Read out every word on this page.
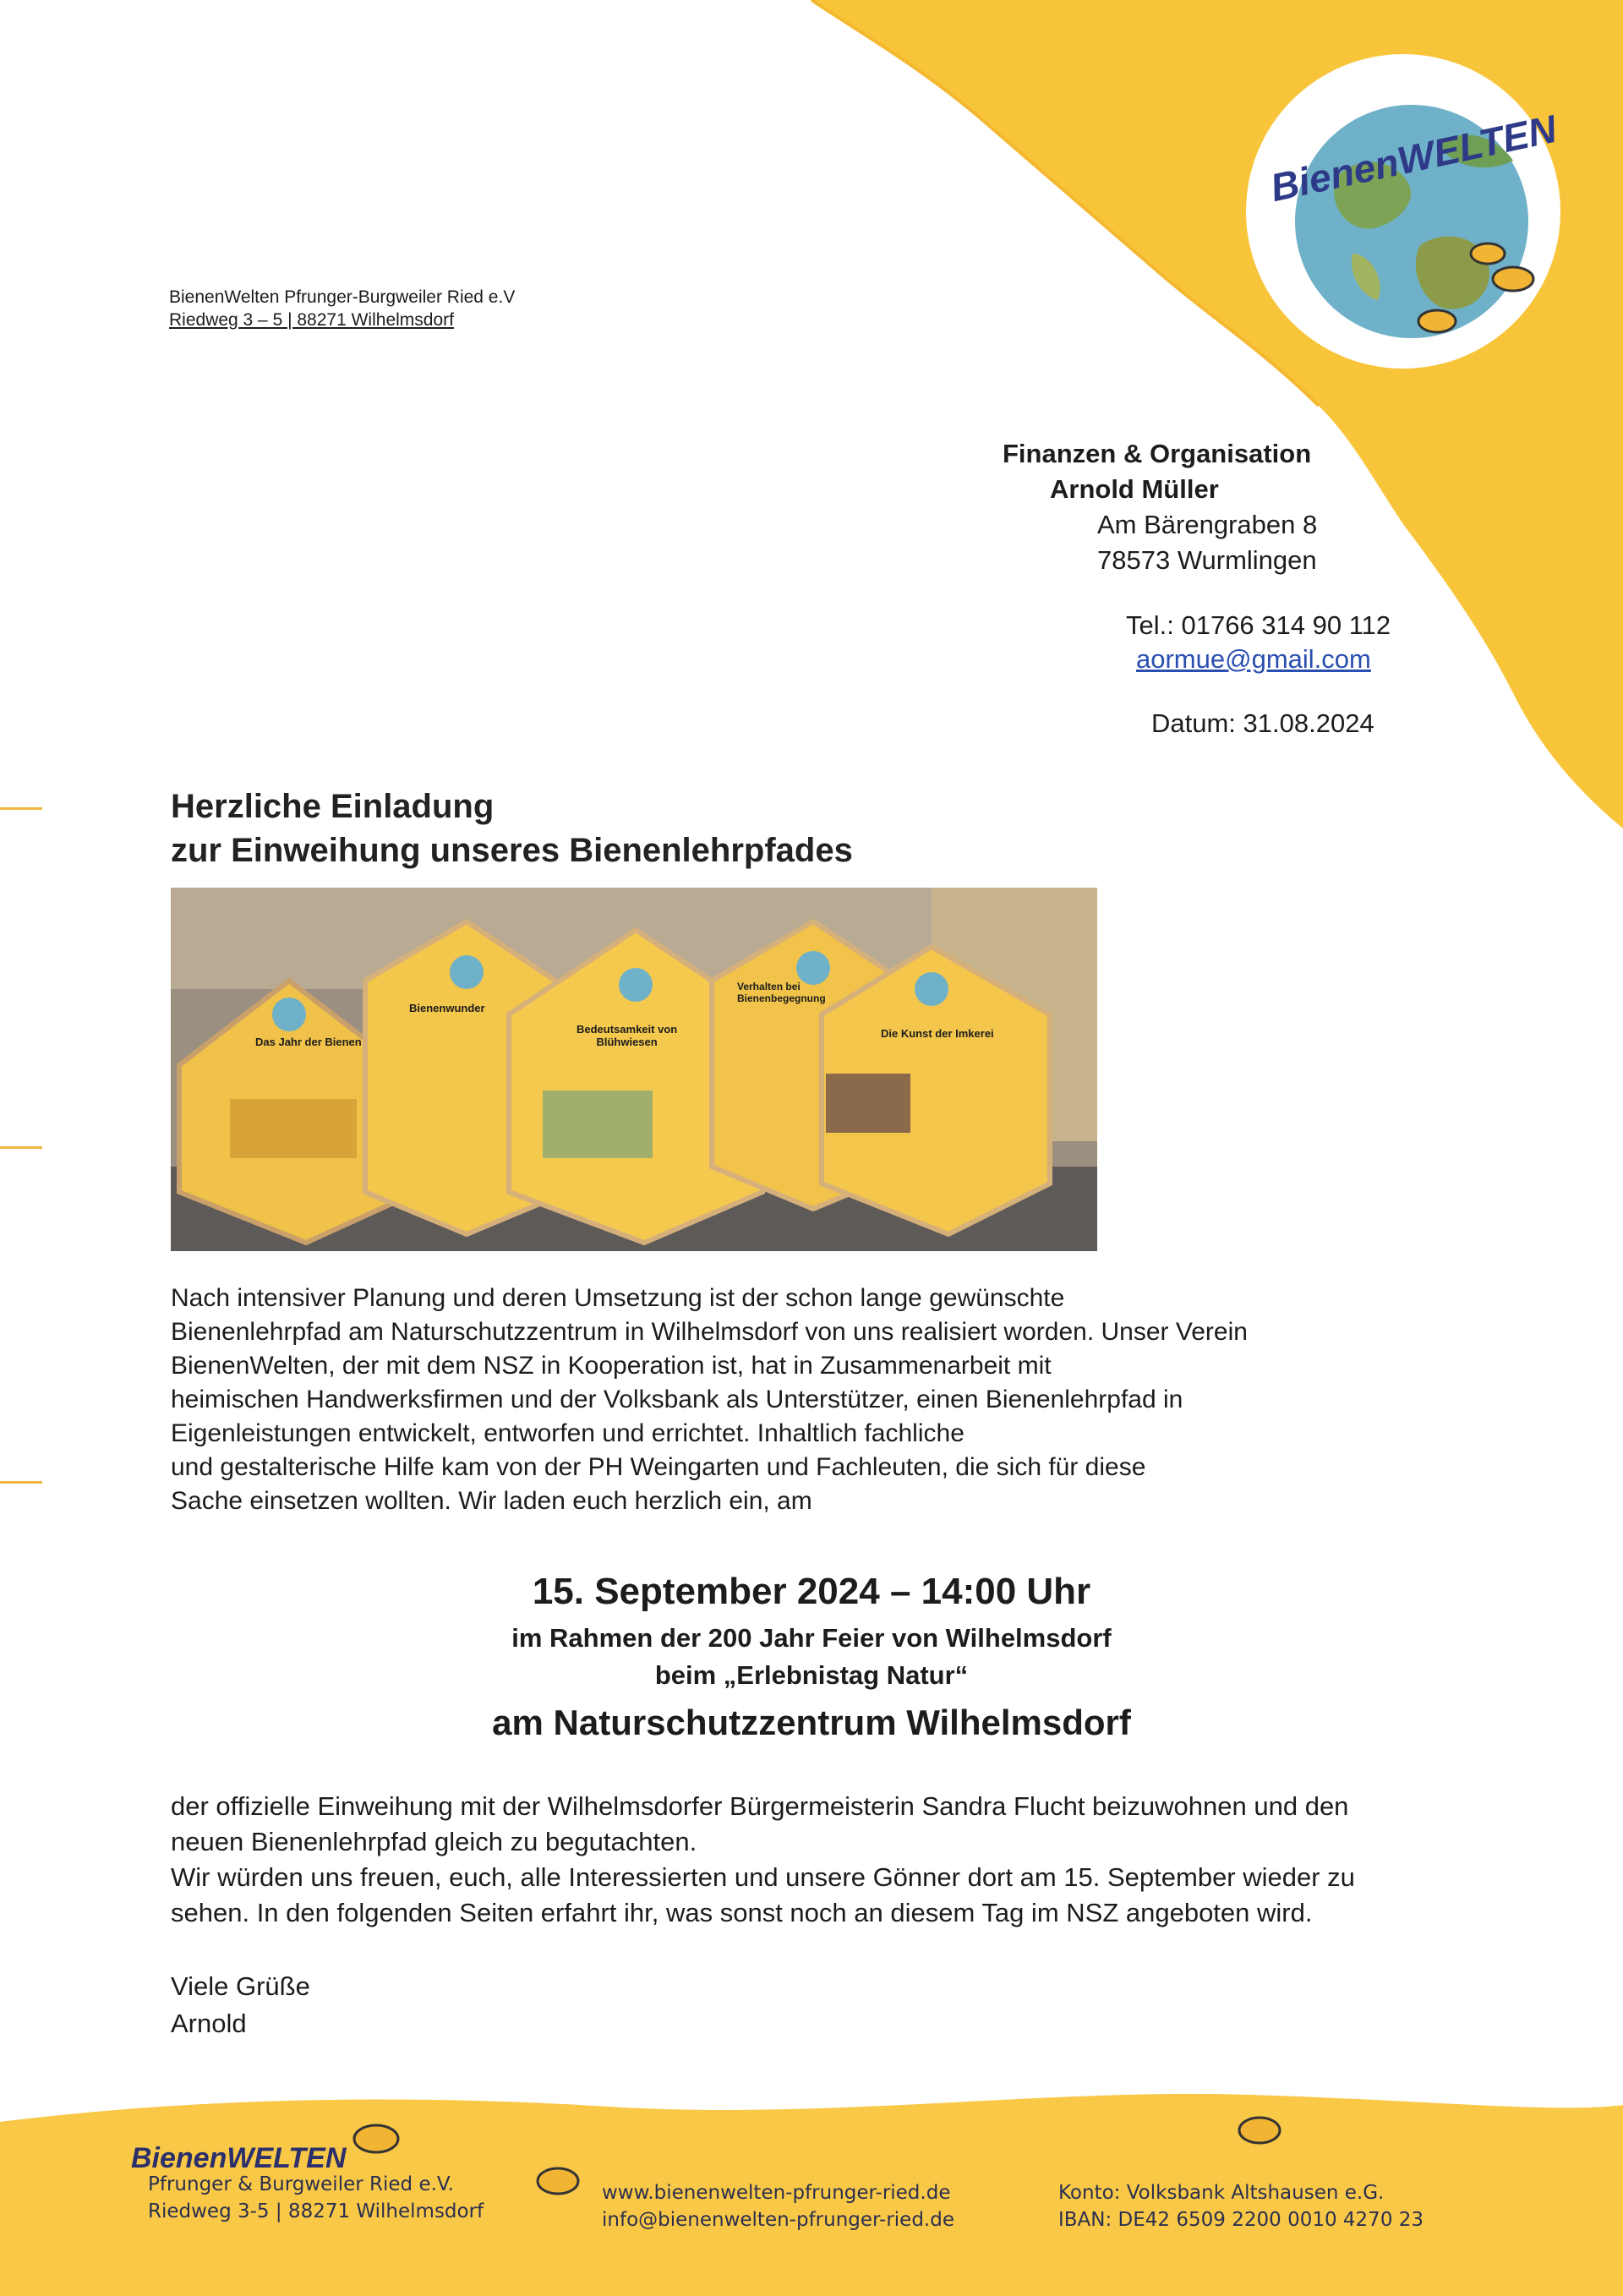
BienenWELTEN
BienenWelten Pfrunger-Burgweiler Ried e.V
Riedweg 3 – 5 | 88271 Wilhelmsdorf
Finanzen & Organisation
Arnold Müller
Am Bärengraben 8
78573 Wurmlingen
Tel.: 01766 314 90 112
aormue@gmail.com
Datum: 31.08.2024
Herzliche Einladung
zur Einweihung unseres Bienenlehrpfades
Das Jahr der Bienen
Bienenwunder
Bedeutsamkeit von
Blühwiesen
Verhalten bei
Bienenbegegnung
Die Kunst der Imkerei
Nach intensiver Planung und deren Umsetzung ist der schon lange gewünschte
Bienenlehrpfad am Naturschutzzentrum in Wilhelmsdorf von uns realisiert worden. Unser Verein
BienenWelten, der mit dem NSZ in Kooperation ist, hat in Zusammenarbeit mit
heimischen Handwerksfirmen und der Volksbank als Unterstützer, einen Bienenlehrpfad in
Eigenleistungen entwickelt, entworfen und errichtet. Inhaltlich fachliche
und gestalterische Hilfe kam von der PH Weingarten und Fachleuten, die sich für diese
Sache einsetzen wollten. Wir laden euch herzlich ein, am
15. September 2024 – 14:00 Uhr
im Rahmen der 200 Jahr Feier von Wilhelmsdorf
beim „Erlebnistag Natur“
am Naturschutzzentrum Wilhelmsdorf
der offizielle Einweihung mit der Wilhelmsdorfer Bürgermeisterin Sandra Flucht beizuwohnen und den
neuen Bienenlehrpfad gleich zu begutachten.
Wir würden uns freuen, euch, alle Interessierten und unsere Gönner dort am 15. September wieder zu
sehen. In den folgenden Seiten erfahrt ihr, was sonst noch an diesem Tag im NSZ angeboten wird.
Viele Grüße
Arnold
BienenWELTEN
Pfrunger & Burgweiler Ried e.V.
Riedweg 3-5 | 88271 Wilhelmsdorf
www.bienenwelten-pfrunger-ried.de
info@bienenwelten-pfrunger-ried.de
Konto: Volksbank Altshausen e.G.
IBAN: DE42 6509 2200 0010 4270 23
